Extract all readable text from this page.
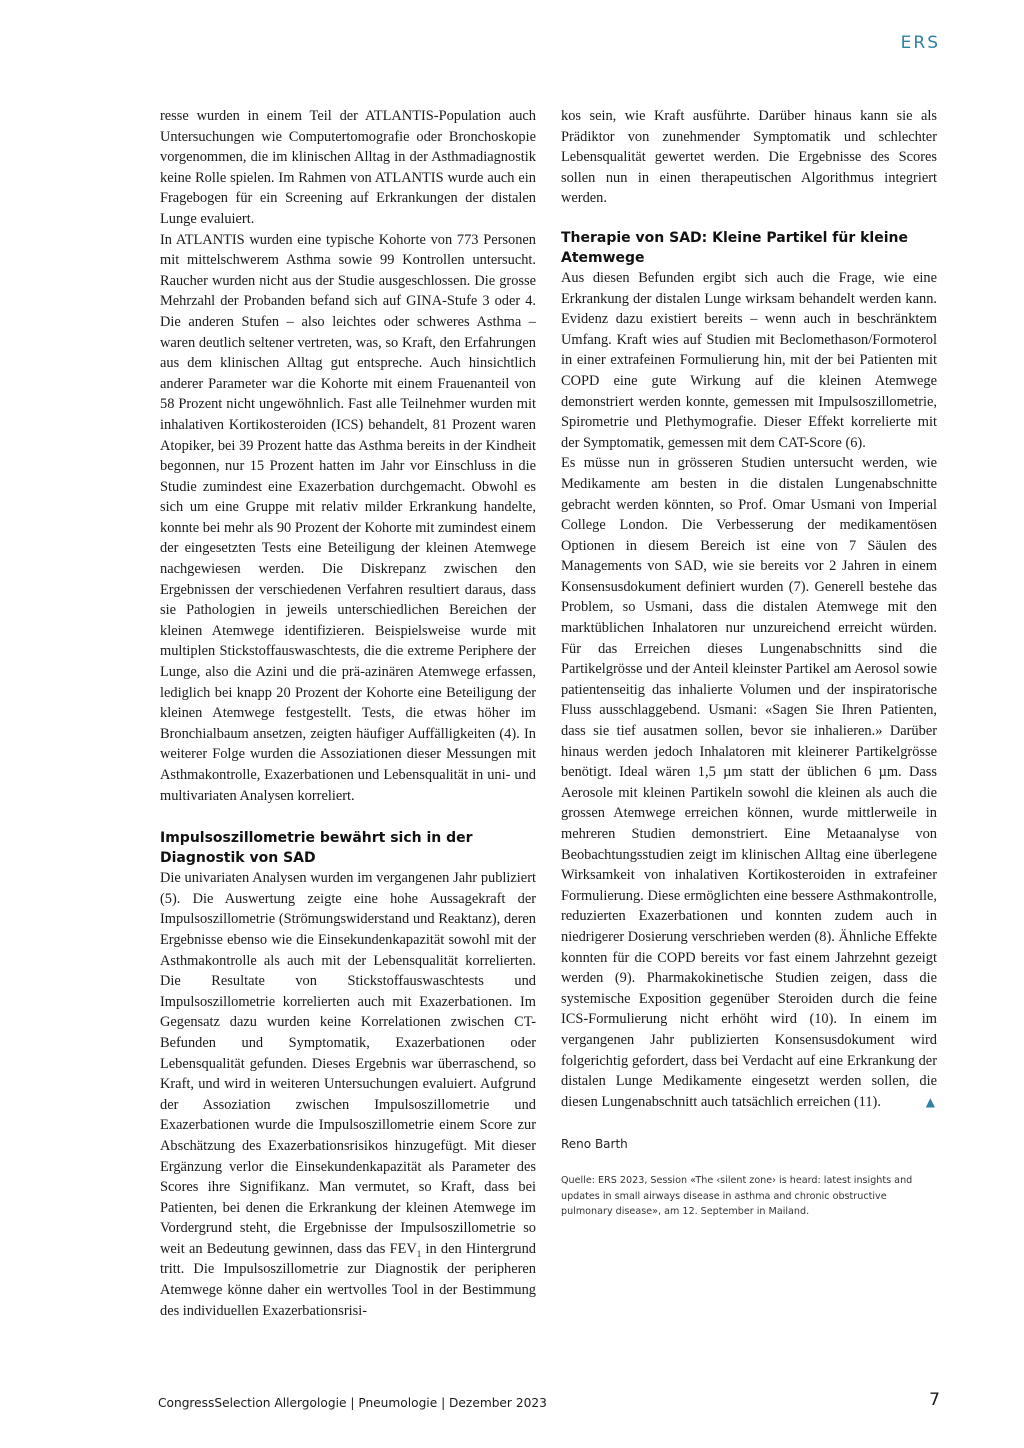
ERS

resse wurden in einem Teil der ATLANTIS-Population auch Untersuchungen wie Computertomografie oder Bronchoskopie vorgenommen, die im klinischen Alltag in der Asthmadiagnostik keine Rolle spielen. Im Rahmen von ATLANTIS wurde auch ein Fragebogen für ein Screening auf Erkrankungen der distalen Lunge evaluiert.

In ATLANTIS wurden eine typische Kohorte von 773 Personen mit mittelschwerem Asthma sowie 99 Kontrollen untersucht. Raucher wurden nicht aus der Studie ausgeschlossen. Die grosse Mehrzahl der Probanden befand sich auf GINA-Stufe 3 oder 4. Die anderen Stufen – also leichtes oder schweres Asthma – waren deutlich seltener vertreten, was, so Kraft, den Erfahrungen aus dem klinischen Alltag gut entspreche. Auch hinsichtlich anderer Parameter war die Kohorte mit einem Frauenanteil von 58 Prozent nicht ungewöhnlich. Fast alle Teilnehmer wurden mit inhalativen Kortikosteroiden (ICS) behandelt, 81 Prozent waren Atopiker, bei 39 Prozent hatte das Asthma bereits in der Kindheit begonnen, nur 15 Prozent hatten im Jahr vor Einschluss in die Studie zumindest eine Exazerbation durchgemacht. Obwohl es sich um eine Gruppe mit relativ milder Erkrankung handelte, konnte bei mehr als 90 Prozent der Kohorte mit zumindest einem der eingesetzten Tests eine Beteiligung der kleinen Atemwege nachgewiesen werden. Die Diskrepanz zwischen den Ergebnissen der verschiedenen Verfahren resultiert daraus, dass sie Pathologien in jeweils unterschiedlichen Bereichen der kleinen Atemwege identifizieren. Beispielsweise wurde mit multiplen Stickstoffauswaschtests, die die extreme Periphere der Lunge, also die Azini und die prä-azinären Atemwege erfassen, lediglich bei knapp 20 Prozent der Kohorte eine Beteiligung der kleinen Atemwege festgestellt. Tests, die etwas höher im Bronchialbaum ansetzen, zeigten häufiger Auffälligkeiten (4). In weiterer Folge wurden die Assoziationen dieser Messungen mit Asthmakontrolle, Exazerbationen und Lebensqualität in uni- und multivariaten Analysen korreliert.

Impulsoszillometrie bewährt sich in der Diagnostik von SAD

Die univariaten Analysen wurden im vergangenen Jahr publiziert (5). Die Auswertung zeigte eine hohe Aussagekraft der Impulsoszillometrie (Strömungswiderstand und Reaktanz), deren Ergebnisse ebenso wie die Einsekundenkapazität sowohl mit der Asthmakontrolle als auch mit der Lebensqualität korrelierten. Die Resultate von Stickstoffauswaschtests und Impulsoszillometrie korrelierten auch mit Exazerbationen. Im Gegensatz dazu wurden keine Korrelationen zwischen CT-Befunden und Symptomatik, Exazerbationen oder Lebensqualität gefunden. Dieses Ergebnis war überraschend, so Kraft, und wird in weiteren Untersuchungen evaluiert. Aufgrund der Assoziation zwischen Impulsoszillometrie und Exazerbationen wurde die Impulsoszillometrie einem Score zur Abschätzung des Exazerbationsrisikos hinzugefügt. Mit dieser Ergänzung verlor die Einsekundenkapazität als Parameter des Scores ihre Signifikanz. Man vermutet, so Kraft, dass bei Patienten, bei denen die Erkrankung der kleinen Atemwege im Vordergrund steht, die Ergebnisse der Impulsoszillometrie so weit an Bedeutung gewinnen, dass das $FEV_1$ in den Hintergrund tritt. Die Impulsoszillometrie zur Diagnostik der peripheren Atemwege könne daher ein wertvolles Tool in der Bestimmung des individuellen Exazerbationsrisi-

kos sein, wie Kraft ausführte. Darüber hinaus kann sie als Prädiktor von zunehmender Symptomatik und schlechter Lebensqualität gewertet werden. Die Ergebnisse des Scores sollen nun in einen therapeutischen Algorithmus integriert werden.

Therapie von SAD: Kleine Partikel für kleine Atemwege

Aus diesen Befunden ergibt sich auch die Frage, wie eine Erkrankung der distalen Lunge wirksam behandelt werden kann. Evidenz dazu existiert bereits – wenn auch in beschränktem Umfang. Kraft wies auf Studien mit Beclomethason/Formoterol in einer extrafeinen Formulierung hin, mit der bei Patienten mit COPD eine gute Wirkung auf die kleinen Atemwege demonstriert werden konnte, gemessen mit Impulsoszillometrie, Spirometrie und Plethymografie. Dieser Effekt korrelierte mit der Symptomatik, gemessen mit dem CAT-Score (6).

Es müsse nun in grösseren Studien untersucht werden, wie Medikamente am besten in die distalen Lungenabschnitte gebracht werden könnten, so Prof. Omar Usmani von Imperial College London. Die Verbesserung der medikamentösen Optionen in diesem Bereich ist eine von 7 Säulen des Managements von SAD, wie sie bereits vor 2 Jahren in einem Konsensusdokument definiert wurden (7). Generell bestehe das Problem, so Usmani, dass die distalen Atemwege mit den marktüblichen Inhalatoren nur unzureichend erreicht würden. Für das Erreichen dieses Lungenabschnitts sind die Partikelgrösse und der Anteil kleinster Partikel am Aerosol sowie patientenseitig das inhalierte Volumen und der inspiratorische Fluss ausschlaggebend. Usmani: «Sagen Sie Ihren Patienten, dass sie tief ausatmen sollen, bevor sie inhalieren.» Darüber hinaus werden jedoch Inhalatoren mit kleinerer Partikelgrösse benötigt. Ideal wären 1,5 µm statt der üblichen 6 µm. Dass Aerosole mit kleinen Partikeln sowohl die kleinen als auch die grossen Atemwege erreichen können, wurde mittlerweile in mehreren Studien demonstriert. Eine Metaanalyse von Beobachtungsstudien zeigt im klinischen Alltag eine überlegene Wirksamkeit von inhalativen Kortikosteroiden in extrafeiner Formulierung. Diese ermöglichten eine bessere Asthmakontrolle, reduzierten Exazerbationen und konnten zudem auch in niedrigerer Dosierung verschrieben werden (8). Ähnliche Effekte konnten für die COPD bereits vor fast einem Jahrzehnt gezeigt werden (9). Pharmakokinetische Studien zeigen, dass die systemische Exposition gegenüber Steroiden durch die feine ICS-Formulierung nicht erhöht wird (10). In einem im vergangenen Jahr publizierten Konsensusdokument wird folgerichtig gefordert, dass bei Verdacht auf eine Erkrankung der distalen Lunge Medikamente eingesetzt werden sollen, die diesen Lungenabschnitt auch tatsächlich erreichen (11).	▲

Reno Barth
Quelle: ERS 2023, Session «The ‹silent zone› is heard: latest insights and updates in small airways disease in asthma and chronic obstructive pulmonary disease», am 12. September in Mailand.
CongressSelection Allergologie | Pneumologie | Dezember 2023	7
